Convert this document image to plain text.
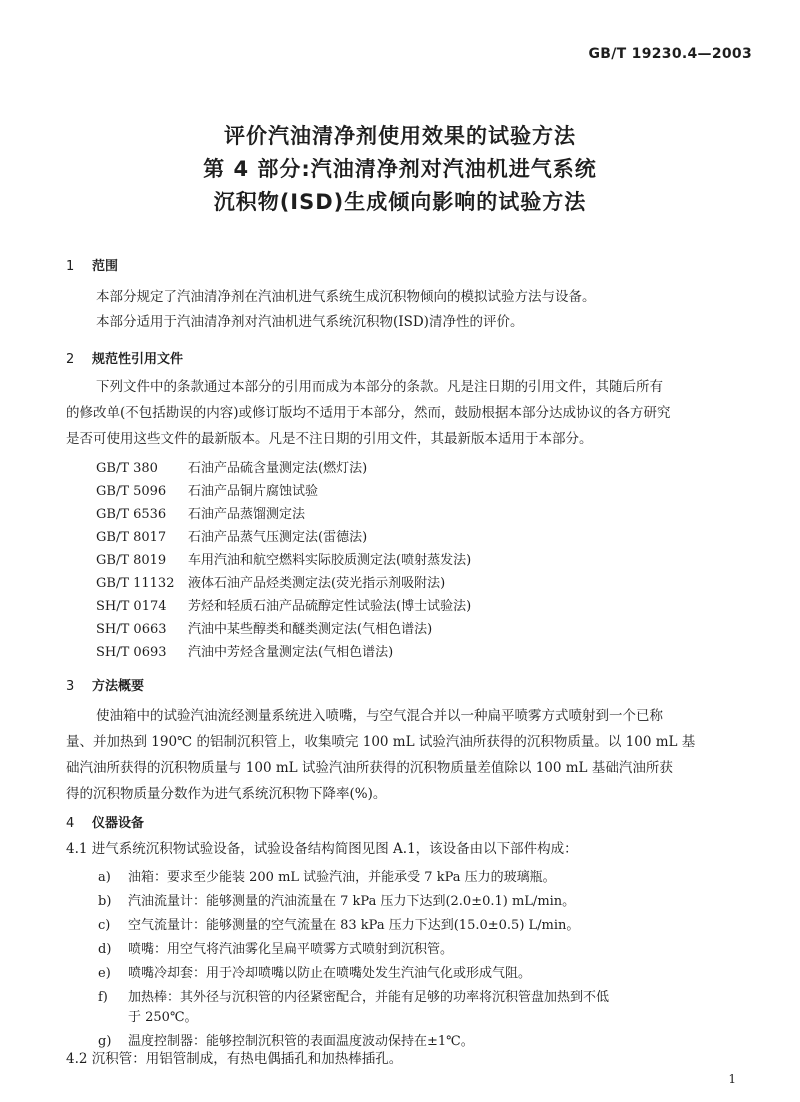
GB/T 19230.4—2003
评价汽油清净剂使用效果的试验方法
第 4 部分:汽油清净剂对汽油机进气系统
沉积物(ISD)生成倾向影响的试验方法
1 范围
本部分规定了汽油清净剂在汽油机进气系统生成沉积物倾向的模拟试验方法与设备。
本部分适用于汽油清净剂对汽油机进气系统沉积物(ISD)清净性的评价。
2 规范性引用文件
下列文件中的条款通过本部分的引用而成为本部分的条款。凡是注日期的引用文件，其随后所有
的修改单(不包括勘误的内容)或修订版均不适用于本部分，然而，鼓励根据本部分达成协议的各方研究
是否可使用这些文件的最新版本。凡是不注日期的引用文件，其最新版本适用于本部分。
GB/T 380 石油产品硫含量测定法(燃灯法)
GB/T 5096 石油产品铜片腐蚀试验
GB/T 6536 石油产品蒸馏测定法
GB/T 8017 石油产品蒸气压测定法(雷德法)
GB/T 8019 车用汽油和航空燃料实际胶质测定法(喷射蒸发法)
GB/T 11132 液体石油产品烃类测定法(荧光指示剂吸附法)
SH/T 0174 芳烃和轻质石油产品硫醇定性试验法(博士试验法)
SH/T 0663 汽油中某些醇类和醚类测定法(气相色谱法)
SH/T 0693 汽油中芳烃含量测定法(气相色谱法)
3 方法概要
使油箱中的试验汽油流经测量系统进入喷嘴，与空气混合并以一种扁平喷雾方式喷射到一个已称
量、并加热到 190℃ 的铝制沉积管上，收集喷完 100 mL 试验汽油所获得的沉积物质量。以 100 mL 基
础汽油所获得的沉积物质量与 100 mL 试验汽油所获得的沉积物质量差值除以 100 mL 基础汽油所获
得的沉积物质量分数作为进气系统沉积物下降率(%)。
4 仪器设备
4.1 进气系统沉积物试验设备，试验设备结构简图见图 A.1，该设备由以下部件构成：
a) 油箱：要求至少能装 200 mL 试验汽油，并能承受 7 kPa 压力的玻璃瓶。
b) 汽油流量计：能够测量的汽油流量在 7 kPa 压力下达到(2.0±0.1) mL/min。
c) 空气流量计：能够测量的空气流量在 83 kPa 压力下达到(15.0±0.5) L/min。
d) 喷嘴：用空气将汽油雾化呈扁平喷雾方式喷射到沉积管。
e) 喷嘴冷却套：用于冷却喷嘴以防止在喷嘴处发生汽油气化或形成气阻。
f) 加热棒：其外径与沉积管的内径紧密配合，并能有足够的功率将沉积管盘加热到不低
于 250℃。
g) 温度控制器：能够控制沉积管的表面温度波动保持在±1℃。
4.2 沉积管：用铝管制成，有热电偶插孔和加热棒插孔。
1
